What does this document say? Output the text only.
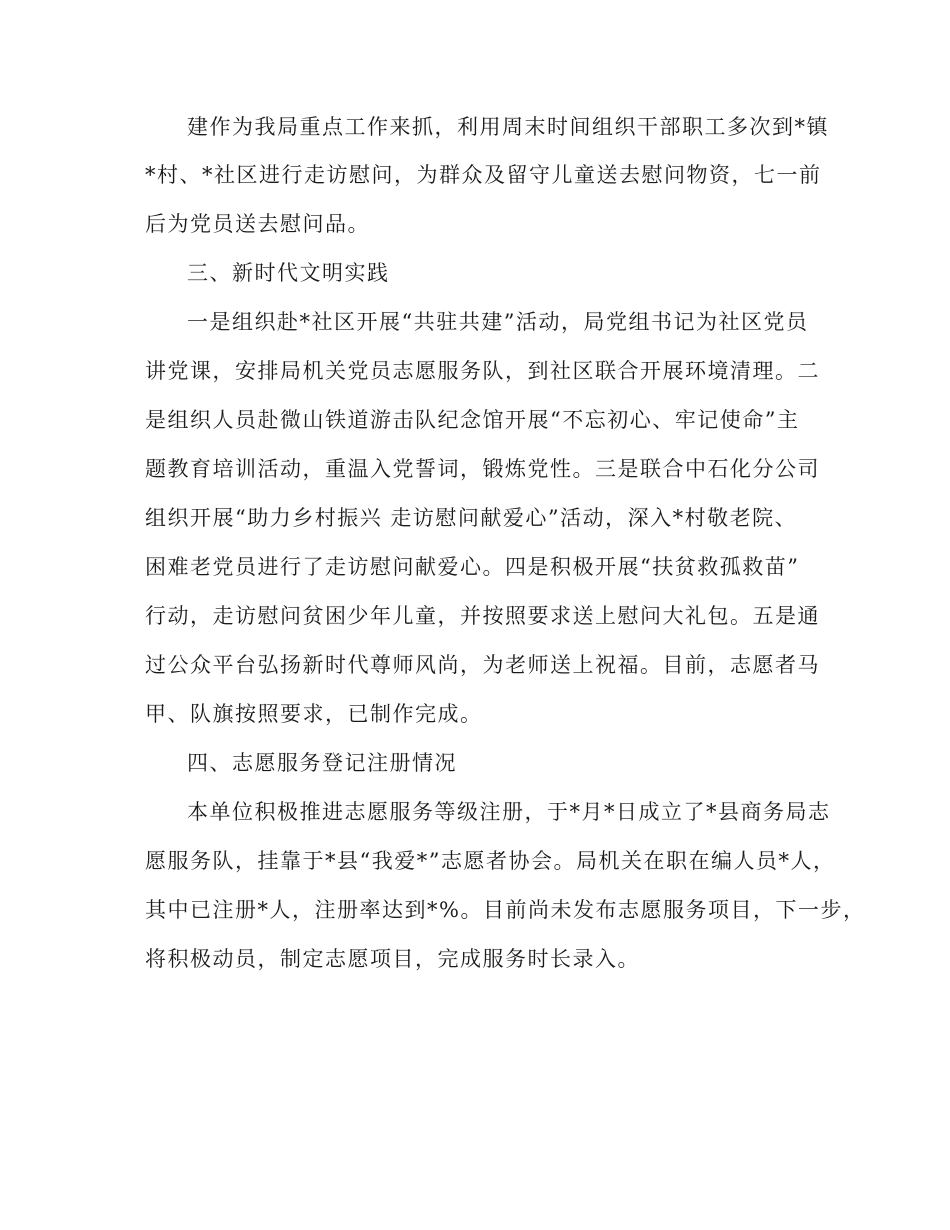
建作为我局重点工作来抓，利用周末时间组织干部职工多次到*镇
*村、*社区进行走访慰问，为群众及留守儿童送去慰问物资，七一前
后为党员送去慰问品。
三、新时代文明实践
一是组织赴*社区开展“共驻共建”活动，局党组书记为社区党员
讲党课，安排局机关党员志愿服务队，到社区联合开展环境清理。二
是组织人员赴微山铁道游击队纪念馆开展“不忘初心、牢记使命”主
题教育培训活动，重温入党誓词，锻炼党性。三是联合中石化分公司
组织开展“助力乡村振兴 走访慰问献爱心”活动，深入*村敬老院、
困难老党员进行了走访慰问献爱心。四是积极开展“扶贫救孤救苗”
行动，走访慰问贫困少年儿童，并按照要求送上慰问大礼包。五是通
过公众平台弘扬新时代尊师风尚，为老师送上祝福。目前，志愿者马
甲、队旗按照要求，已制作完成。
四、志愿服务登记注册情况
本单位积极推进志愿服务等级注册，于*月*日成立了*县商务局志
愿服务队，挂靠于*县“我爱*”志愿者协会。局机关在职在编人员*人，
其中已注册*人，注册率达到*%。目前尚未发布志愿服务项目，下一步，
将积极动员，制定志愿项目，完成服务时长录入。
